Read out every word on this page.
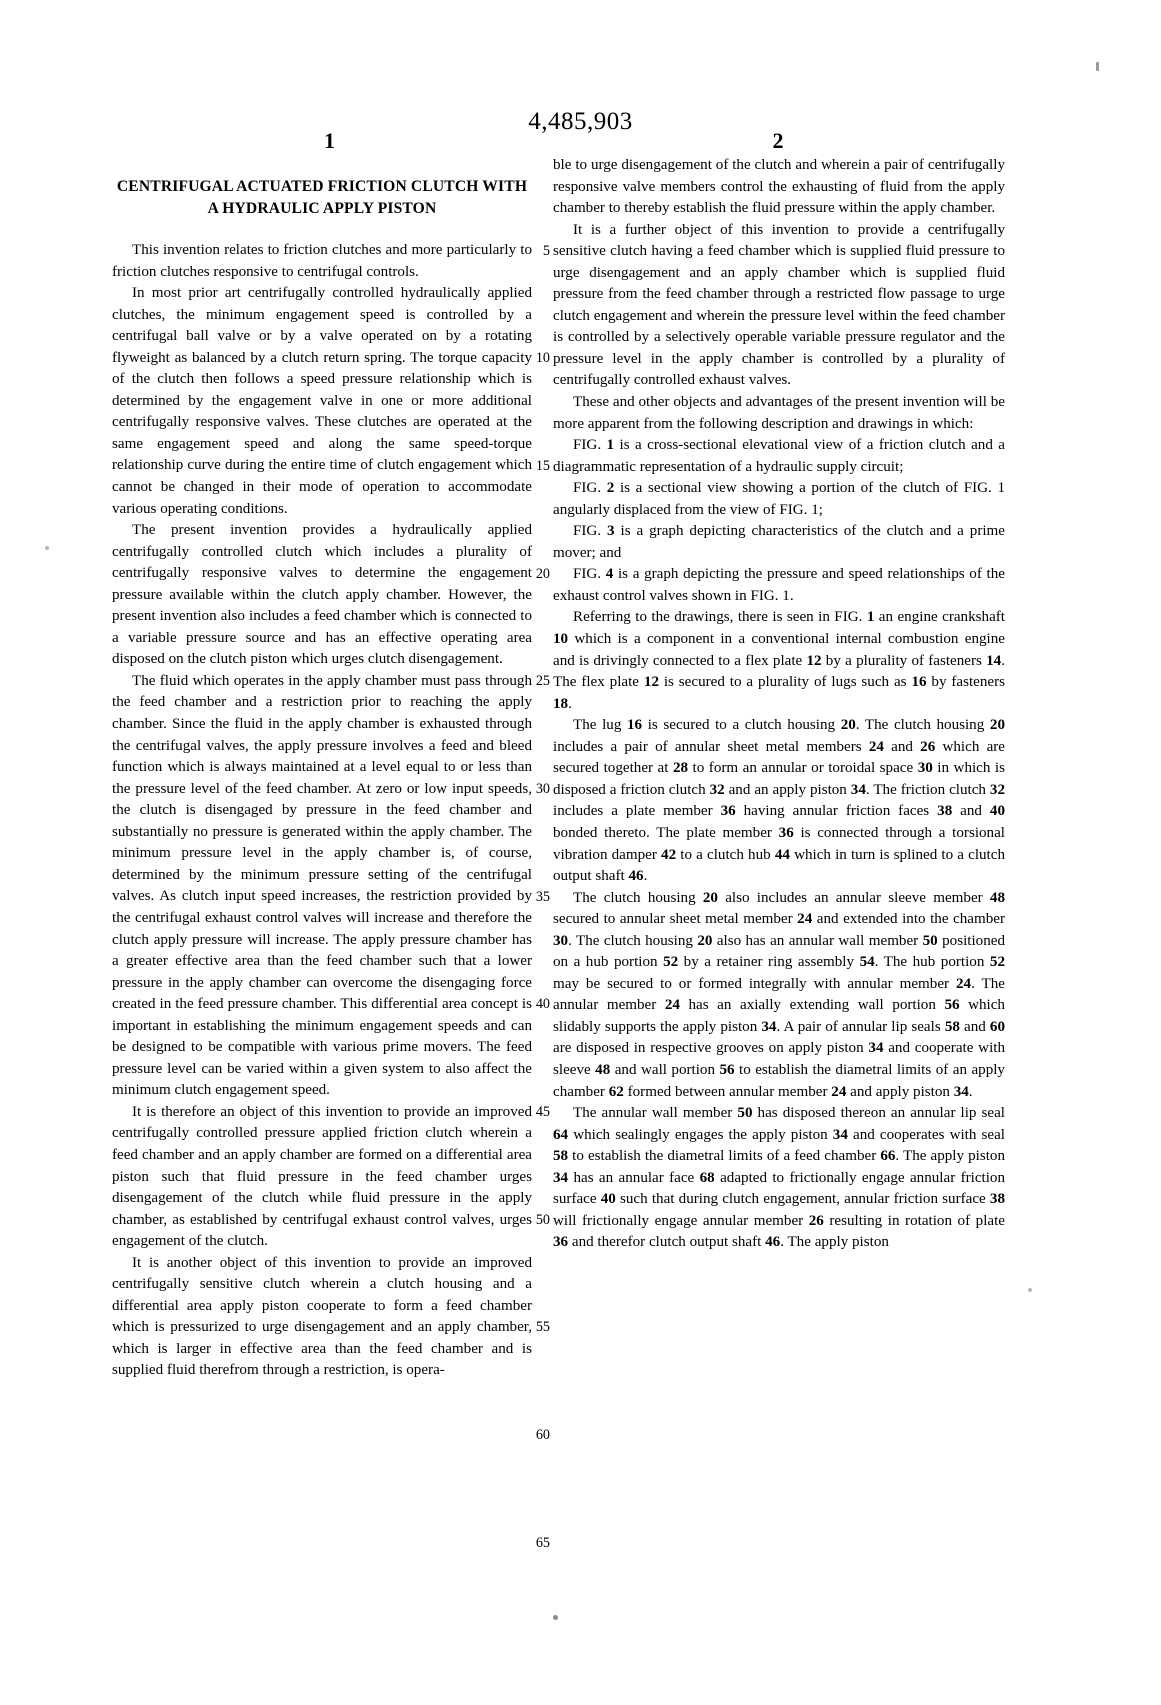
4,485,903
1	2
5
10
15
20
25
30
35
40
45
50
55
60
65
CENTRIFUGAL ACTUATED FRICTION CLUTCH WITH A HYDRAULIC APPLY PISTON

This invention relates to friction clutches and more particularly to friction clutches responsive to centrifugal controls.

In most prior art centrifugally controlled hydraulically applied clutches, the minimum engagement speed is controlled by a centrifugal ball valve or by a valve operated on by a rotating flyweight as balanced by a clutch return spring. The torque capacity of the clutch then follows a speed pressure relationship which is determined by the engagement valve in one or more additional centrifugally responsive valves. These clutches are operated at the same engagement speed and along the same speed-torque relationship curve during the entire time of clutch engagement which cannot be changed in their mode of operation to accommodate various operating conditions.

The present invention provides a hydraulically applied centrifugally controlled clutch which includes a plurality of centrifugally responsive valves to determine the engagement pressure available within the clutch apply chamber. However, the present invention also includes a feed chamber which is connected to a variable pressure source and has an effective operating area disposed on the clutch piston which urges clutch disengagement.

The fluid which operates in the apply chamber must pass through the feed chamber and a restriction prior to reaching the apply chamber. Since the fluid in the apply chamber is exhausted through the centrifugal valves, the apply pressure involves a feed and bleed function which is always maintained at a level equal to or less than the pressure level of the feed chamber. At zero or low input speeds, the clutch is disengaged by pressure in the feed chamber and substantially no pressure is generated within the apply chamber. The minimum pressure level in the apply chamber is, of course, determined by the minimum pressure setting of the centrifugal valves. As clutch input speed increases, the restriction provided by the centrifugal exhaust control valves will increase and therefore the clutch apply pressure will increase. The apply pressure chamber has a greater effective area than the feed chamber such that a lower pressure in the apply chamber can overcome the disengaging force created in the feed pressure chamber. This differential area concept is important in establishing the minimum engagement speeds and can be designed to be compatible with various prime movers. The feed pressure level can be varied within a given system to also affect the minimum clutch engagement speed.

It is therefore an object of this invention to provide an improved centrifugally controlled pressure applied friction clutch wherein a feed chamber and an apply chamber are formed on a differential area piston such that fluid pressure in the feed chamber urges disengagement of the clutch while fluid pressure in the apply chamber, as established by centrifugal exhaust control valves, urges engagement of the clutch.

It is another object of this invention to provide an improved centrifugally sensitive clutch wherein a clutch housing and a differential area apply piston cooperate to form a feed chamber which is pressurized to urge disengagement and an apply chamber, which is larger in effective area than the feed chamber and is supplied fluid therefrom through a restriction, is opera-

ble to urge disengagement of the clutch and wherein a pair of centrifugally responsive valve members control the exhausting of fluid from the apply chamber to thereby establish the fluid pressure within the apply chamber.

It is a further object of this invention to provide a centrifugally sensitive clutch having a feed chamber which is supplied fluid pressure to urge disengagement and an apply chamber which is supplied fluid pressure from the feed chamber through a restricted flow passage to urge clutch engagement and wherein the pressure level within the feed chamber is controlled by a selectively operable variable pressure regulator and the pressure level in the apply chamber is controlled by a plurality of centrifugally controlled exhaust valves.

These and other objects and advantages of the present invention will be more apparent from the following description and drawings in which:

FIG. 1 is a cross-sectional elevational view of a friction clutch and a diagrammatic representation of a hydraulic supply circuit;

FIG. 2 is a sectional view showing a portion of the clutch of FIG. 1 angularly displaced from the view of FIG. 1;

FIG. 3 is a graph depicting characteristics of the clutch and a prime mover; and

FIG. 4 is a graph depicting the pressure and speed relationships of the exhaust control valves shown in FIG. 1.

Referring to the drawings, there is seen in FIG. 1 an engine crankshaft 10 which is a component in a conventional internal combustion engine and is drivingly connected to a flex plate 12 by a plurality of fasteners 14. The flex plate 12 is secured to a plurality of lugs such as 16 by fasteners 18.

The lug 16 is secured to a clutch housing 20. The clutch housing 20 includes a pair of annular sheet metal members 24 and 26 which are secured together at 28 to form an annular or toroidal space 30 in which is disposed a friction clutch 32 and an apply piston 34. The friction clutch 32 includes a plate member 36 having annular friction faces 38 and 40 bonded thereto. The plate member 36 is connected through a torsional vibration damper 42 to a clutch hub 44 which in turn is splined to a clutch output shaft 46.

The clutch housing 20 also includes an annular sleeve member 48 secured to annular sheet metal member 24 and extended into the chamber 30. The clutch housing 20 also has an annular wall member 50 positioned on a hub portion 52 by a retainer ring assembly 54. The hub portion 52 may be secured to or formed integrally with annular member 24. The annular member 24 has an axially extending wall portion 56 which slidably supports the apply piston 34. A pair of annular lip seals 58 and 60 are disposed in respective grooves on apply piston 34 and cooperate with sleeve 48 and wall portion 56 to establish the diametral limits of an apply chamber 62 formed between annular member 24 and apply piston 34.

The annular wall member 50 has disposed thereon an annular lip seal 64 which sealingly engages the apply piston 34 and cooperates with seal 58 to establish the diametral limits of a feed chamber 66. The apply piston 34 has an annular face 68 adapted to frictionally engage annular friction surface 40 such that during clutch engagement, annular friction surface 38 will frictionally engage annular member 26 resulting in rotation of plate 36 and therefor clutch output shaft 46. The apply piston
